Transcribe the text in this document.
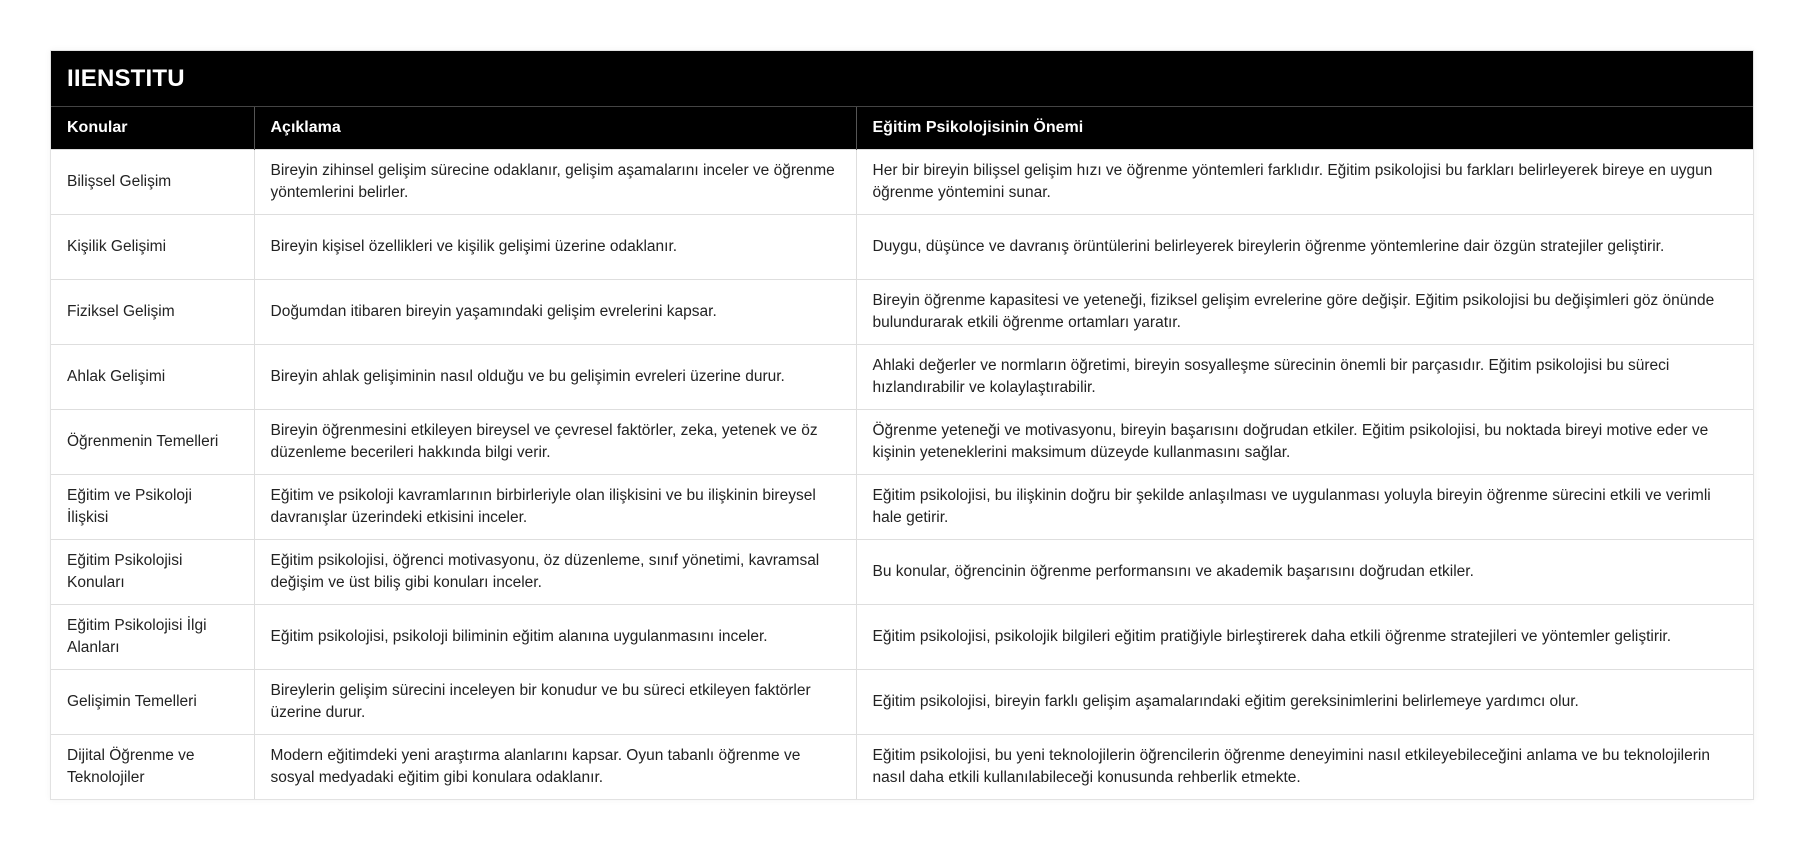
IIENSTITU
Konular	Açıklama	Eğitim Psikolojisinin Önemi
Bilişsel Gelişim	Bireyin zihinsel gelişim sürecine odaklanır, gelişim aşamalarını inceler ve öğrenme yöntemlerini belirler.	Her bir bireyin bilişsel gelişim hızı ve öğrenme yöntemleri farklıdır. Eğitim psikolojisi bu farkları belirleyerek bireye en uygun öğrenme yöntemini sunar.
Kişilik Gelişimi	Bireyin kişisel özellikleri ve kişilik gelişimi üzerine odaklanır.	Duygu, düşünce ve davranış örüntülerini belirleyerek bireylerin öğrenme yöntemlerine dair özgün stratejiler geliştirir.
Fiziksel Gelişim	Doğumdan itibaren bireyin yaşamındaki gelişim evrelerini kapsar.	Bireyin öğrenme kapasitesi ve yeteneği, fiziksel gelişim evrelerine göre değişir. Eğitim psikolojisi bu değişimleri göz önünde bulundurarak etkili öğrenme ortamları yaratır.
Ahlak Gelişimi	Bireyin ahlak gelişiminin nasıl olduğu ve bu gelişimin evreleri üzerine durur.	Ahlaki değerler ve normların öğretimi, bireyin sosyalleşme sürecinin önemli bir parçasıdır. Eğitim psikolojisi bu süreci hızlandırabilir ve kolaylaştırabilir.
Öğrenmenin Temelleri	Bireyin öğrenmesini etkileyen bireysel ve çevresel faktörler, zeka, yetenek ve öz düzenleme becerileri hakkında bilgi verir.	Öğrenme yeteneği ve motivasyonu, bireyin başarısını doğrudan etkiler. Eğitim psikolojisi, bu noktada bireyi motive eder ve kişinin yeteneklerini maksimum düzeyde kullanmasını sağlar.
Eğitim ve Psikoloji İlişkisi	Eğitim ve psikoloji kavramlarının birbirleriyle olan ilişkisini ve bu ilişkinin bireysel davranışlar üzerindeki etkisini inceler.	Eğitim psikolojisi, bu ilişkinin doğru bir şekilde anlaşılması ve uygulanması yoluyla bireyin öğrenme sürecini etkili ve verimli hale getirir.
Eğitim Psikolojisi Konuları	Eğitim psikolojisi, öğrenci motivasyonu, öz düzenleme, sınıf yönetimi, kavramsal değişim ve üst biliş gibi konuları inceler.	Bu konular, öğrencinin öğrenme performansını ve akademik başarısını doğrudan etkiler.
Eğitim Psikolojisi İlgi Alanları	Eğitim psikolojisi, psikoloji biliminin eğitim alanına uygulanmasını inceler.	Eğitim psikolojisi, psikolojik bilgileri eğitim pratiğiyle birleştirerek daha etkili öğrenme stratejileri ve yöntemler geliştirir.
Gelişimin Temelleri	Bireylerin gelişim sürecini inceleyen bir konudur ve bu süreci etkileyen faktörler üzerine durur.	Eğitim psikolojisi, bireyin farklı gelişim aşamalarındaki eğitim gereksinimlerini belirlemeye yardımcı olur.
Dijital Öğrenme ve Teknolojiler	Modern eğitimdeki yeni araştırma alanlarını kapsar. Oyun tabanlı öğrenme ve sosyal medyadaki eğitim gibi konulara odaklanır.	Eğitim psikolojisi, bu yeni teknolojilerin öğrencilerin öğrenme deneyimini nasıl etkileyebileceğini anlama ve bu teknolojilerin nasıl daha etkili kullanılabileceği konusunda rehberlik etmekte.
